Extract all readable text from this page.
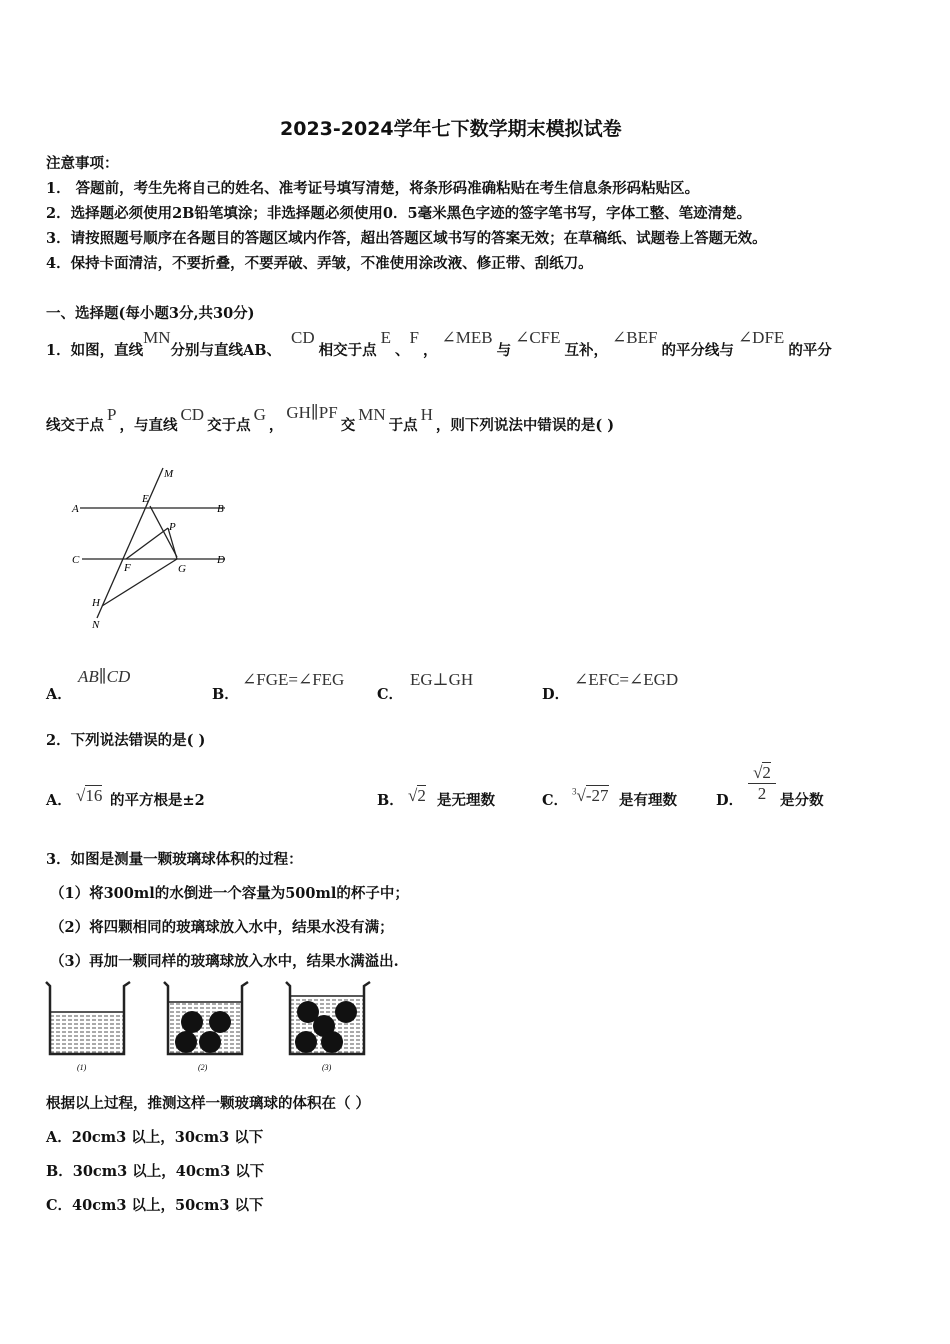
2023-2024学年七下数学期末模拟试卷
注意事项：
1． 答题前，考生先将自己的姓名、准考证号填写清楚，将条形码准确粘贴在考生信息条形码粘贴区。
2．选择题必须使用2B铅笔填涂；非选择题必须使用0．5毫米黑色字迹的签字笔书写，字体工整、笔迹清楚。
3．请按照题号顺序在各题目的答题区域内作答，超出答题区域书写的答案无效；在草稿纸、试题卷上答题无效。
4．保持卡面清洁，不要折叠，不要弄破、弄皱，不准使用涂改液、修正带、刮纸刀。
一、选择题(每小题3分,共30分)
1．如图，直线MN分别与直线AB、CD相交于点E、F，∠MEB与∠CFE互补，∠BEF的平分线与∠DFE的平分
线交于点P，与直线CD交于点G，GH∥PF交MN于点H，则下列说法中错误的是( )
M
A
E
B
P
C
F	G
D
H
N
A．
AB∥CD
B．
∠FGE=∠FEG
C．
EG⊥GH
D．
∠EFC=∠EGD
2．下列说法错误的是( )
A． √16 的平方根是±2	B． √2 是无理数	C．
$^3$√-27 是有理数	D．
√2
2 是分数
3．如图是测量一颗玻璃球体积的过程：
（1）将300ml的水倒进一个容量为500ml的杯子中；
（2）将四颗相同的玻璃球放入水中，结果水没有满；
（3）再加一颗同样的玻璃球放入水中，结果水满溢出.
(1)	(2)	(3)
根据以上过程，推测这样一颗玻璃球的体积在（ ）
A．20cm3 以上，30cm3 以下
B．30cm3 以上，40cm3 以下
C．40cm3 以上，50cm3 以下
